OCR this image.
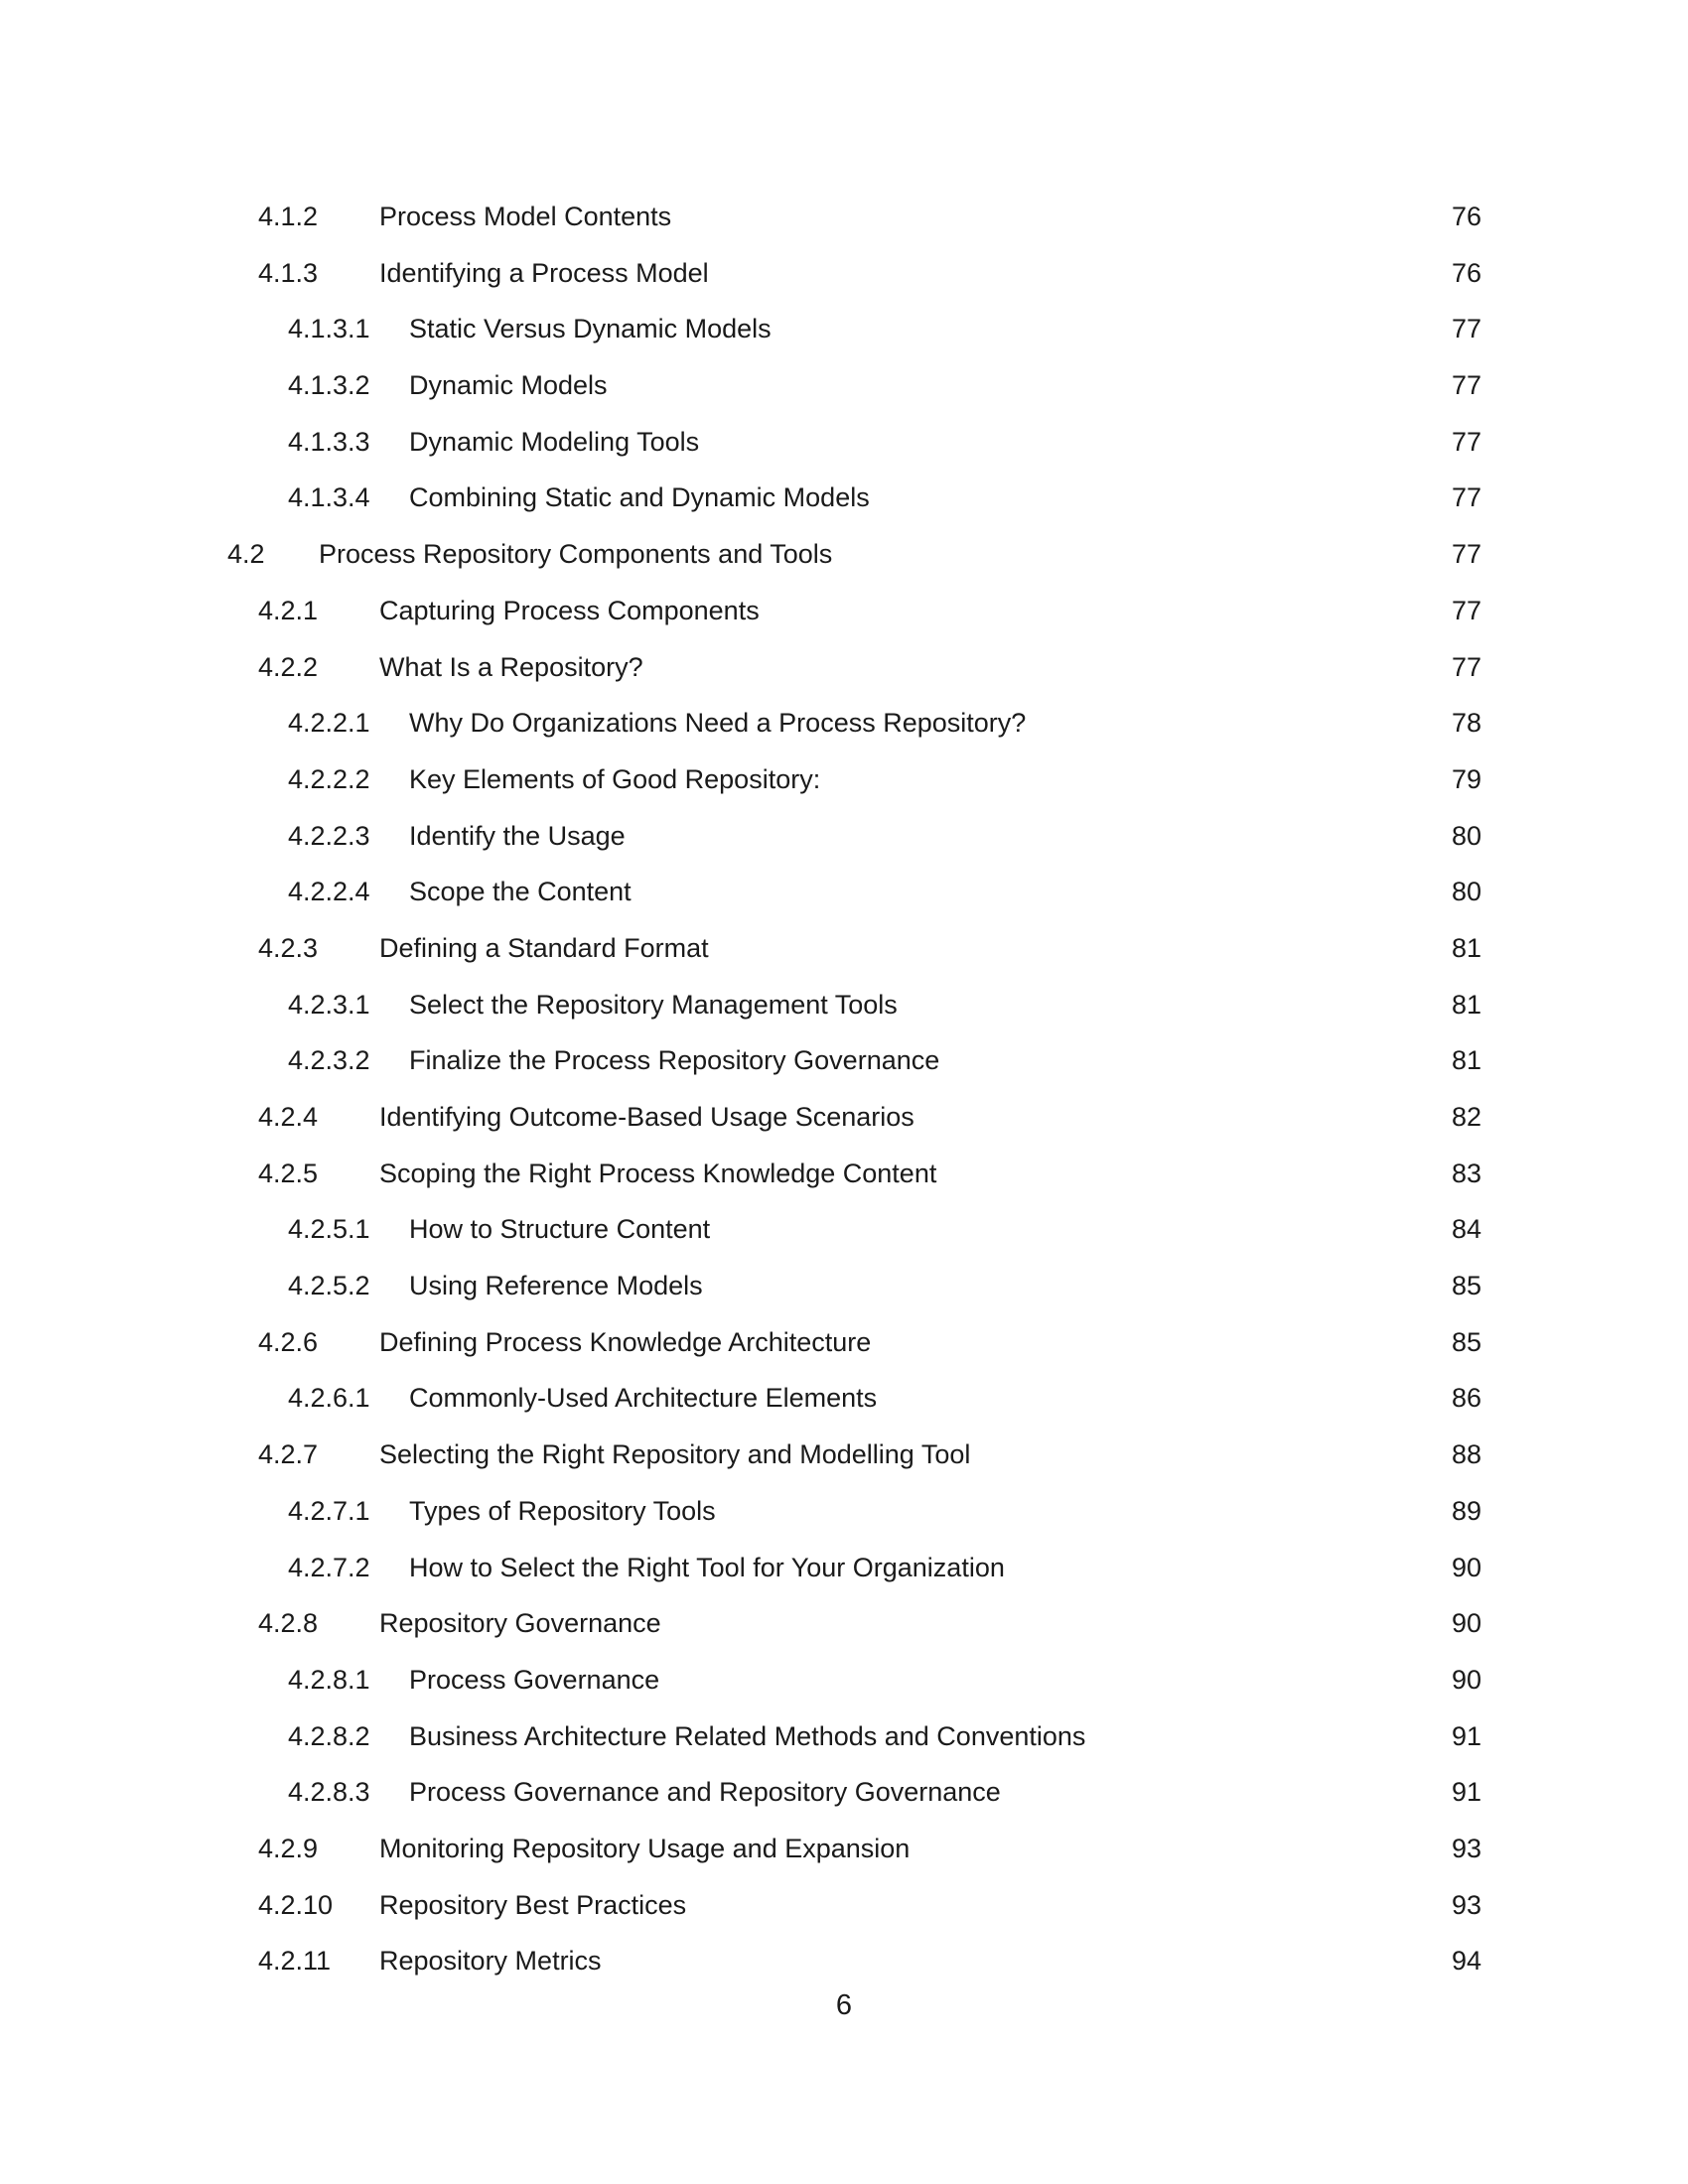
4.1.2 Process Model Contents	76
4.1.3 Identifying a Process Model	76
4.1.3.1 Static Versus Dynamic Models	77
4.1.3.2 Dynamic Models	77
4.1.3.3 Dynamic Modeling Tools	77
4.1.3.4 Combining Static and Dynamic Models	77
4.2 Process Repository Components and Tools	77
4.2.1 Capturing Process Components	77
4.2.2 What Is a Repository?	77
4.2.2.1 Why Do Organizations Need a Process Repository?	78
4.2.2.2 Key Elements of Good Repository:	79
4.2.2.3 Identify the Usage	80
4.2.2.4 Scope the Content	80
4.2.3 Defining a Standard Format	81
4.2.3.1 Select the Repository Management Tools	81
4.2.3.2 Finalize the Process Repository Governance	81
4.2.4 Identifying Outcome-Based Usage Scenarios	82
4.2.5 Scoping the Right Process Knowledge Content	83
4.2.5.1 How to Structure Content	84
4.2.5.2 Using Reference Models	85
4.2.6 Defining Process Knowledge Architecture	85
4.2.6.1 Commonly-Used Architecture Elements	86
4.2.7 Selecting the Right Repository and Modelling Tool	88
4.2.7.1 Types of Repository Tools	89
4.2.7.2 How to Select the Right Tool for Your Organization	90
4.2.8 Repository Governance	90
4.2.8.1 Process Governance	90
4.2.8.2 Business Architecture Related Methods and Conventions	91
4.2.8.3 Process Governance and Repository Governance	91
4.2.9 Monitoring Repository Usage and Expansion	93
4.2.10 Repository Best Practices	93
4.2.11 Repository Metrics	94
6
